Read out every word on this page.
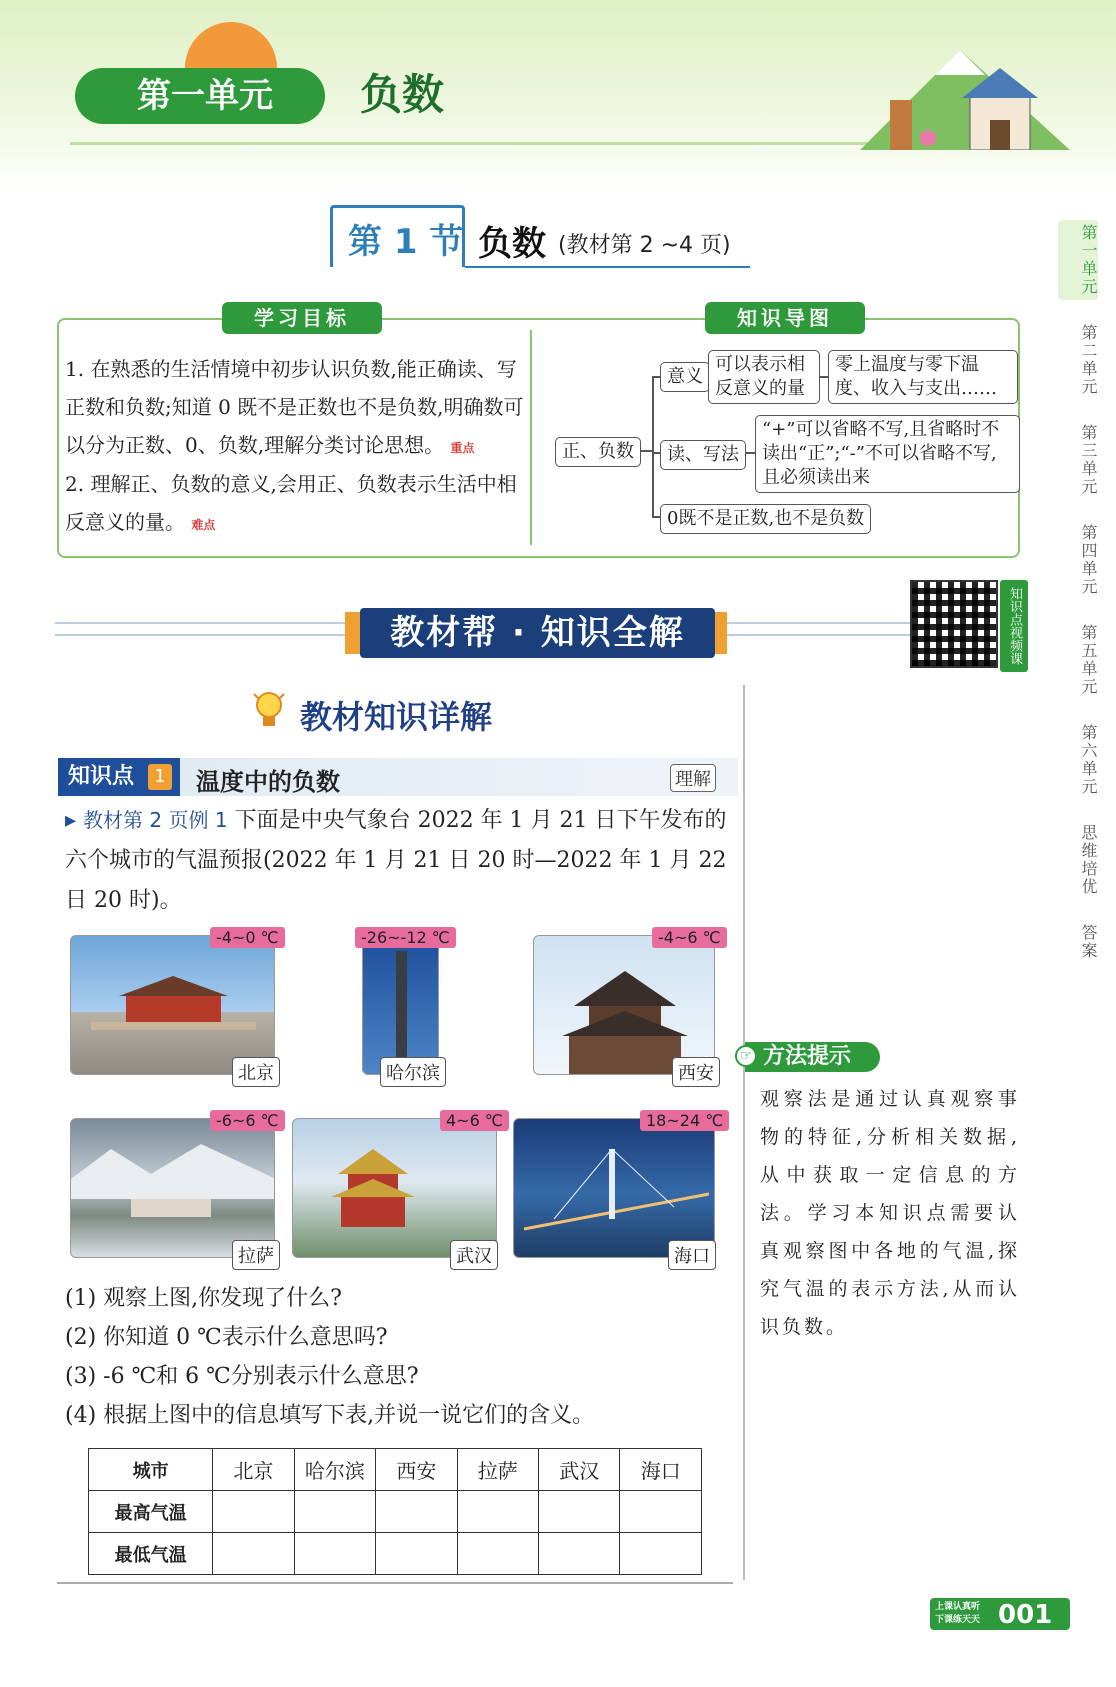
第一单元	负数
第 1 节 负数 (教材第 2 ~4 页)	第一单元
第二单元
第三单元
第四单元
第五单元
第六单元
思维培优
答案
学习目标	知识导图
1. 在熟悉的生活情境中初步认识负数,能正确读、写正数和负数;知道 0 既不是正数也不是负数,明确数可以分为正数、0、负数,理解分类讨论思想。 重点
2. 理解正、负数的意义,会用正、负数表示生活中相反意义的量。 难点
正、负数
意义
可以表示相反意义的量
零上温度与零下温度、收入与支出……
读、写法
“+”可以省略不写,且省略时不读出“正”;“-”不可以省略不写,且必须读出来
0既不是正数,也不是负数
教材帮 · 知识全解	知识点视频课
教材知识详解
知识点	1 温度中的负数	理解
▸ 教材第 2 页例 1 下面是中央气象台 2022 年 1 月 21 日下午发布的六个城市的气温预报(2022 年 1 月 21 日 20 时—2022 年 1 月 22 日 20 时)。
-4~0 ℃
北京
-26~-12 ℃
哈尔滨
-4~6 ℃
西安
-6~6 ℃
拉萨
4~6 ℃
武汉
18~24 ℃
海口
(1) 观察上图,你发现了什么?
(2) 你知道 0 ℃表示什么意思吗?
(3) -6 ℃和 6 ℃分别表示什么意思?
(4) 根据上图中的信息填写下表,并说一说它们的含义。
城市	北京	哈尔滨	西安	拉萨	武汉	海口
最高气温						
最低气温						
方法提示
☞
观察法是通过认真观察事物的特征,分析相关数据,从中获取一定信息的方法。学习本知识点需要认真观察图中各地的气温,探究气温的表示方法,从而认识负数。
上课认真听
下课练天天 001
